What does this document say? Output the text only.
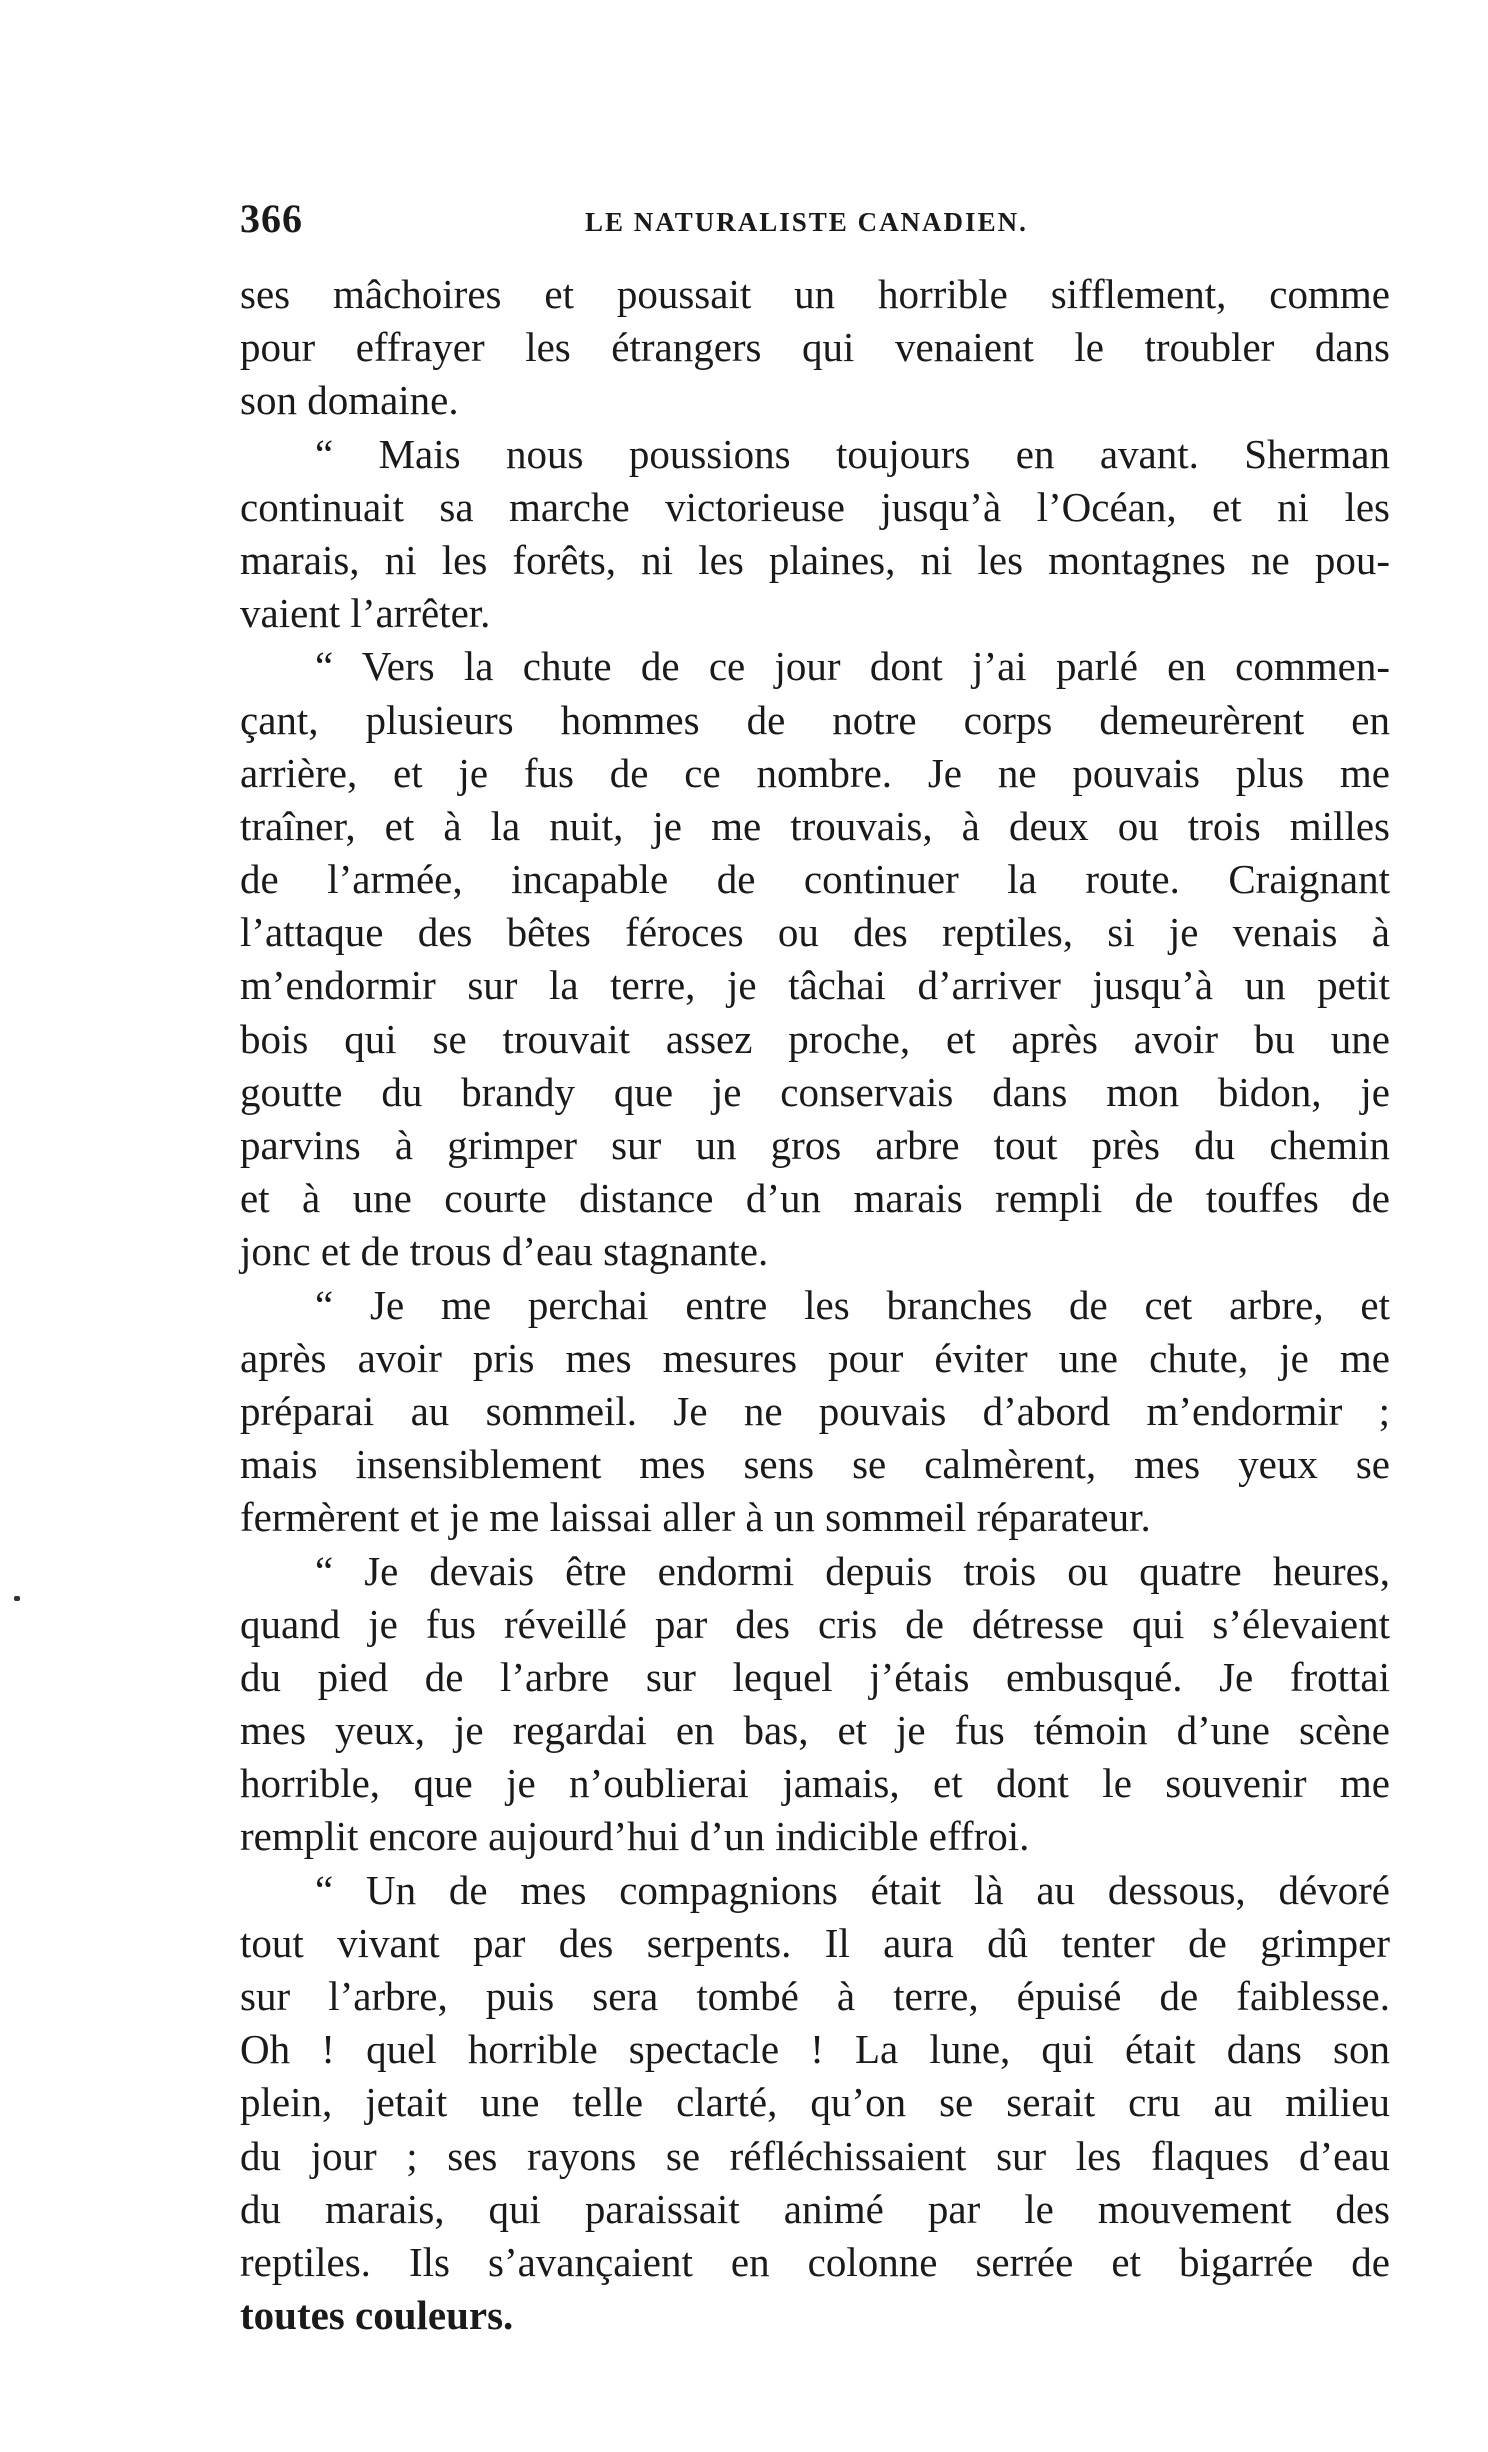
366	LE NATURALISTE CANADIEN.
ses mâchoires et poussait un horrible sifflement, comme
pour effrayer les étrangers qui venaient le troubler dans
son domaine.
“ Mais nous poussions toujours en avant. Sherman
continuait sa marche victorieuse jusqu’à l’Océan, et ni les
marais, ni les forêts, ni les plaines, ni les montagnes ne pou-
vaient l’arrêter.
“ Vers la chute de ce jour dont j’ai parlé en commen-
çant, plusieurs hommes de notre corps demeurèrent en
arrière, et je fus de ce nombre. Je ne pouvais plus me
traîner, et à la nuit, je me trouvais, à deux ou trois milles
de l’armée, incapable de continuer la route. Craignant
l’attaque des bêtes féroces ou des reptiles, si je venais à
m’endormir sur la terre, je tâchai d’arriver jusqu’à un petit
bois qui se trouvait assez proche, et après avoir bu une
goutte du brandy que je conservais dans mon bidon, je
parvins à grimper sur un gros arbre tout près du chemin
et à une courte distance d’un marais rempli de touffes de
jonc et de trous d’eau stagnante.
“ Je me perchai entre les branches de cet arbre, et
après avoir pris mes mesures pour éviter une chute, je me
préparai au sommeil. Je ne pouvais d’abord m’endormir ;
mais insensiblement mes sens se calmèrent, mes yeux se
fermèrent et je me laissai aller à un sommeil réparateur.
“ Je devais être endormi depuis trois ou quatre heures,
quand je fus réveillé par des cris de détresse qui s’élevaient
du pied de l’arbre sur lequel j’étais embusqué. Je frottai
mes yeux, je regardai en bas, et je fus témoin d’une scène
horrible, que je n’oublierai jamais, et dont le souvenir me
remplit encore aujourd’hui d’un indicible effroi.
“ Un de mes compagnions était là au dessous, dévoré
tout vivant par des serpents. Il aura dû tenter de grimper
sur l’arbre, puis sera tombé à terre, épuisé de faiblesse.
Oh ! quel horrible spectacle ! La lune, qui était dans son
plein, jetait une telle clarté, qu’on se serait cru au milieu
du jour ; ses rayons se réfléchissaient sur les flaques d’eau
du marais, qui paraissait animé par le mouvement des
reptiles. Ils s’avançaient en colonne serrée et bigarrée de
toutes couleurs.
